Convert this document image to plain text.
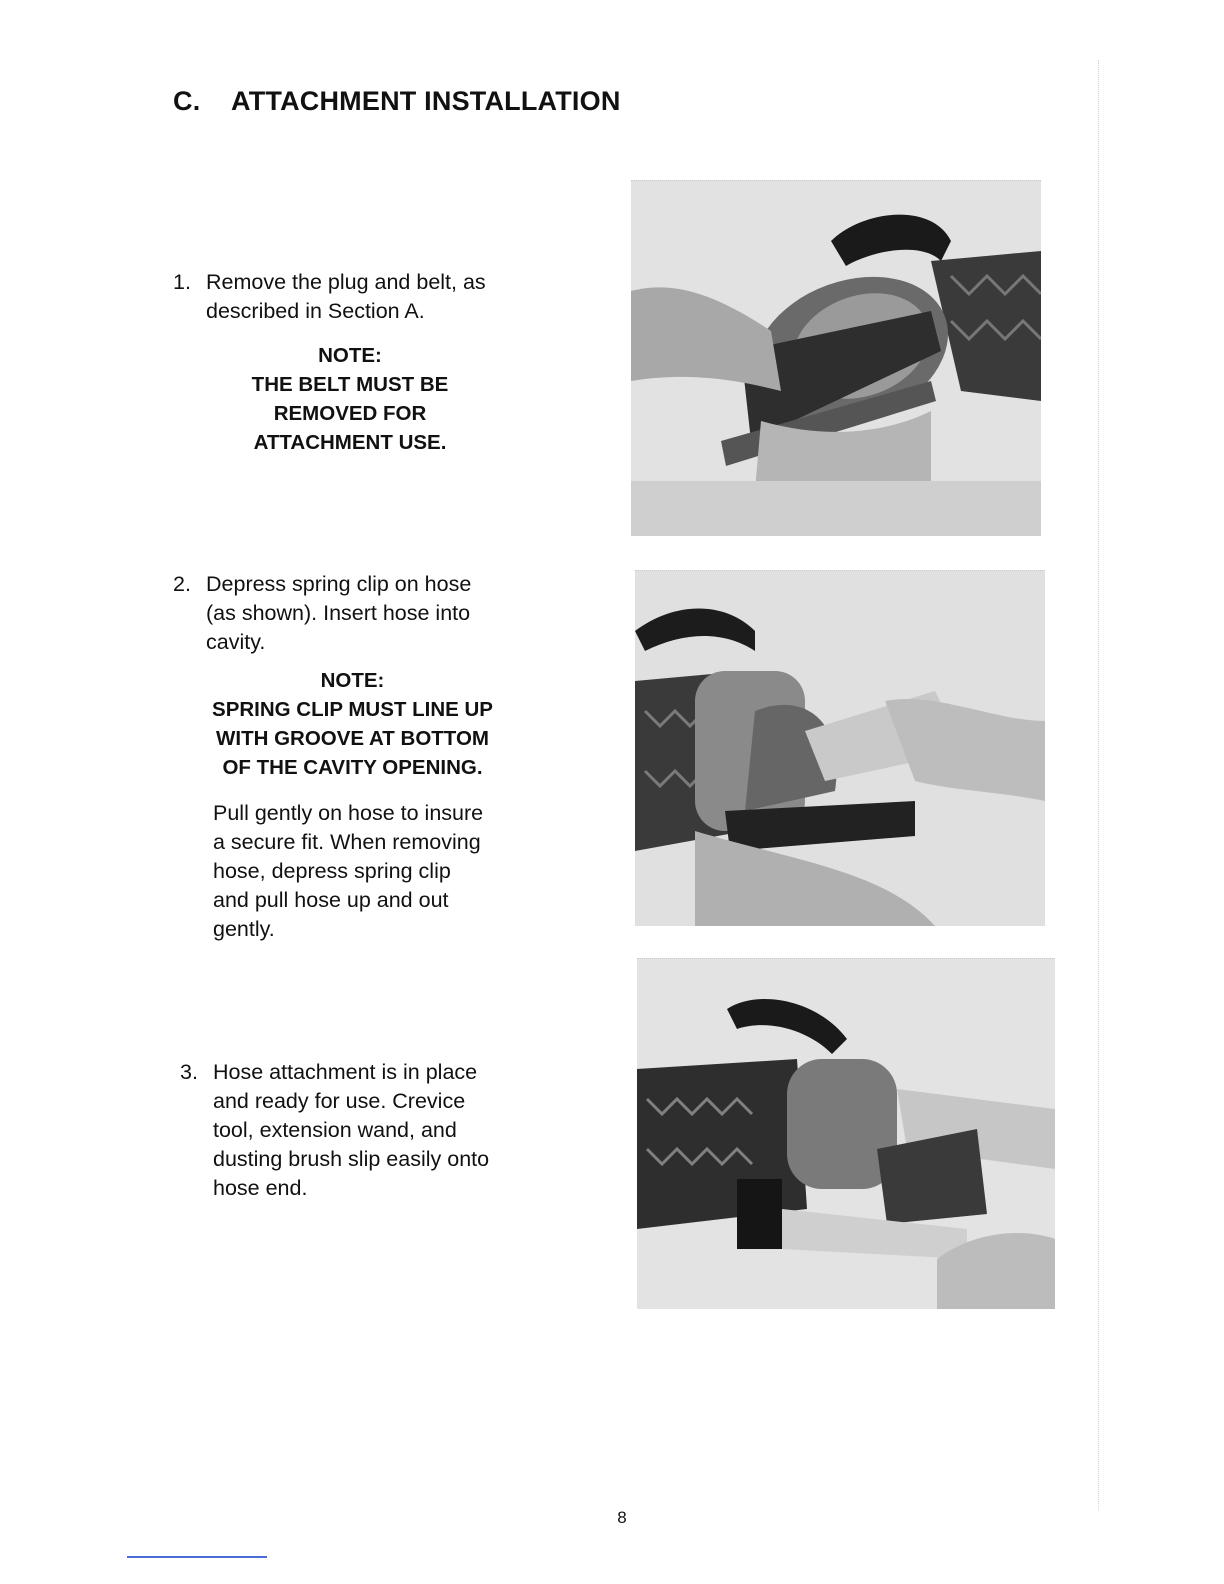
C. ATTACHMENT INSTALLATION
1. Remove the plug and belt, as
described in Section A.
NOTE:
THE BELT MUST BE
REMOVED FOR
ATTACHMENT USE.
2. Depress spring clip on hose
(as shown). Insert hose into
cavity.
NOTE:
SPRING CLIP MUST LINE UP
WITH GROOVE AT BOTTOM
OF THE CAVITY OPENING.
Pull gently on hose to insure
a secure fit. When removing
hose, depress spring clip
and pull hose up and out
gently.
3. Hose attachment is in place
and ready for use. Crevice
tool, extension wand, and
dusting brush slip easily onto
hose end.
8
